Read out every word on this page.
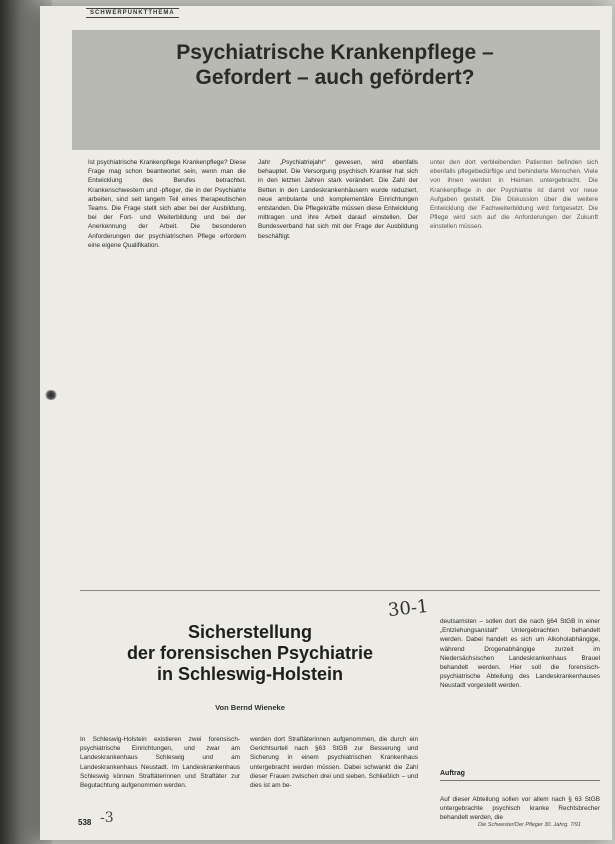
SCHWERPUNKTTHEMA
Psychiatrische Krankenpflege –
Gefordert – auch gefördert?

Ist psychiatrische Krankenpflege Krankenpflege? Diese Frage mag schon beantwortet sein, wenn man die Entwicklung des Berufes betrachtet. Krankenschwestern und -pfleger, die in der Psychiatrie arbeiten, sind seit langem Teil eines therapeutischen Teams. Die Frage stellt sich aber bei der Ausbildung, bei der Fort- und Weiterbildung und bei der Anerkennung der Arbeit. Die besonderen Anforderungen der psychiatrischen Pflege erfordern eine eigene Qualifikation.

Jahr „Psychiatriejahr“ gewesen, wird ebenfalls behauptet. Die Versorgung psychisch Kranker hat sich in den letzten Jahren stark verändert. Die Zahl der Betten in den Landeskrankenhäusern wurde reduziert, neue ambulante und komplementäre Einrichtungen entstanden. Die Pflegekräfte müssen diese Entwicklung mittragen und ihre Arbeit darauf einstellen. Der Bundesverband hat sich mit der Frage der Ausbildung beschäftigt.

unter den dort verbleibenden Patienten befinden sich ebenfalls pflegebedürftige und behinderte Menschen. Viele von ihnen werden in Heimen untergebracht. Die Krankenpflege in der Psychiatrie ist damit vor neue Aufgaben gestellt. Die Diskussion über die weitere Entwicklung der Fachweiterbildung wird fortgesetzt. Die Pflege wird sich auf die Anforderungen der Zukunft einstellen müssen.

30-1
Sicherstellung
der forensischen Psychiatrie
in Schleswig-Holstein
Von Bernd Wieneke

In Schleswig-Holstein existieren zwei forensisch-psychiatrische Einrichtungen, und zwar am Landeskrankenhaus Schleswig und am Landeskrankenhaus Neustadt. Im Landeskrankenhaus Schleswig können Straftäterinnen und Straftäter zur Begutachtung aufgenommen werden.

werden dort Straftäterinnen aufgenommen, die durch ein Gerichtsurteil nach §63 StGB zur Besserung und Sicherung in einem psychiatrischen Krankenhaus untergebracht werden müssen. Dabei schwankt die Zahl dieser Frauen zwischen drei und sieben. Schließlich – und dies ist am be-

deutsamsten – sollen dort die nach §64 StGB in einer „Entziehungsanstalt“ Untergebrachten behandelt werden. Dabei handelt es sich um Alkoholabhängige, während Drogenabhängige zurzeit im Niedersächsischen Landeskrankenhaus Brauel behandelt werden. Hier soll die forensisch-psychiatrische Abteilung des Landeskrankenhauses Neustadt vorgestellt werden.

Auftrag

Auf dieser Abteilung sollen vor allem nach § 63 StGB untergebrachte psychisch kranke Rechtsbrecher behandelt werden, die

538 -3	Die Schwester/Der Pfleger 30. Jahrg. 7/91
